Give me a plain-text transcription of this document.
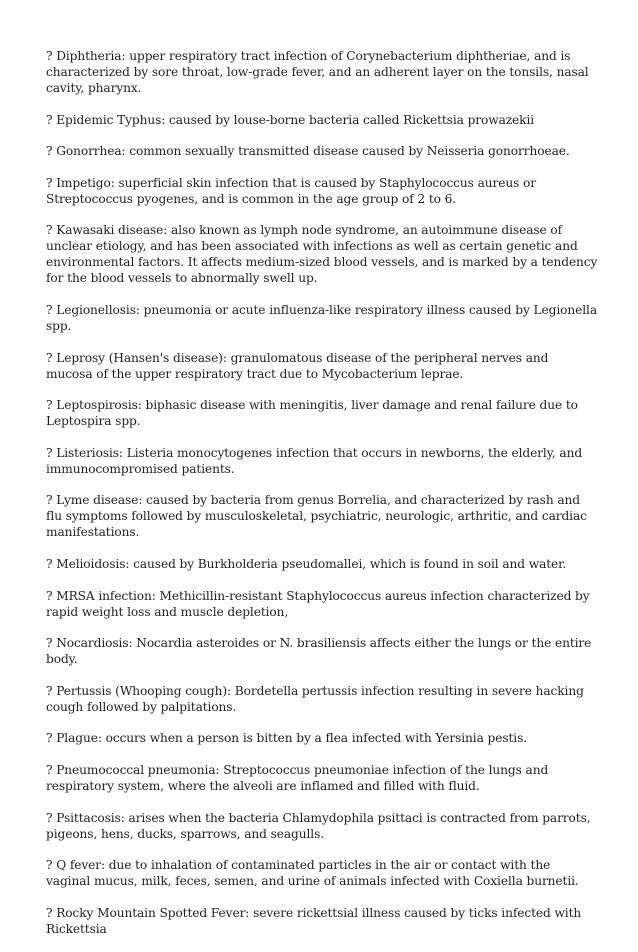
? Diphtheria: upper respiratory tract infection of Corynebacterium diphtheriae, and is characterized by sore throat, low-grade fever, and an adherent layer on the tonsils, nasal cavity, pharynx.

? Epidemic Typhus: caused by louse-borne bacteria called Rickettsia prowazekii

? Gonorrhea: common sexually transmitted disease caused by Neisseria gonorrhoeae.

? Impetigo: superficial skin infection that is caused by Staphylococcus aureus or Streptococcus pyogenes, and is common in the age group of 2 to 6.

? Kawasaki disease: also known as lymph node syndrome, an autoimmune disease of unclear etiology, and has been associated with infections as well as certain genetic and environmental factors. It affects medium-sized blood vessels, and is marked by a tendency for the blood vessels to abnormally swell up.

? Legionellosis: pneumonia or acute influenza-like respiratory illness caused by Legionella spp.

? Leprosy (Hansen's disease): granulomatous disease of the peripheral nerves and mucosa of the upper respiratory tract due to Mycobacterium leprae.

? Leptospirosis: biphasic disease with meningitis, liver damage and renal failure due to Leptospira spp.

? Listeriosis: Listeria monocytogenes infection that occurs in newborns, the elderly, and immunocompromised patients.

? Lyme disease: caused by bacteria from genus Borrelia, and characterized by rash and flu symptoms followed by musculoskeletal, psychiatric, neurologic, arthritic, and cardiac manifestations.

? Melioidosis: caused by Burkholderia pseudomallei, which is found in soil and water.

? MRSA infection: Methicillin-resistant Staphylococcus aureus infection characterized by rapid weight loss and muscle depletion,

? Nocardiosis: Nocardia asteroides or N. brasiliensis affects either the lungs or the entire body.

? Pertussis (Whooping cough): Bordetella pertussis infection resulting in severe hacking cough followed by palpitations.

? Plague: occurs when a person is bitten by a flea infected with Yersinia pestis.

? Pneumococcal pneumonia: Streptococcus pneumoniae infection of the lungs and respiratory system, where the alveoli are inflamed and filled with fluid.

? Psittacosis: arises when the bacteria Chlamydophila psittaci is contracted from parrots, pigeons, hens, ducks, sparrows, and seagulls.

? Q fever: due to inhalation of contaminated particles in the air or contact with the vaginal mucus, milk, feces, semen, and urine of animals infected with Coxiella burnetii.

? Rocky Mountain Spotted Fever: severe rickettsial illness caused by ticks infected with Rickettsia
